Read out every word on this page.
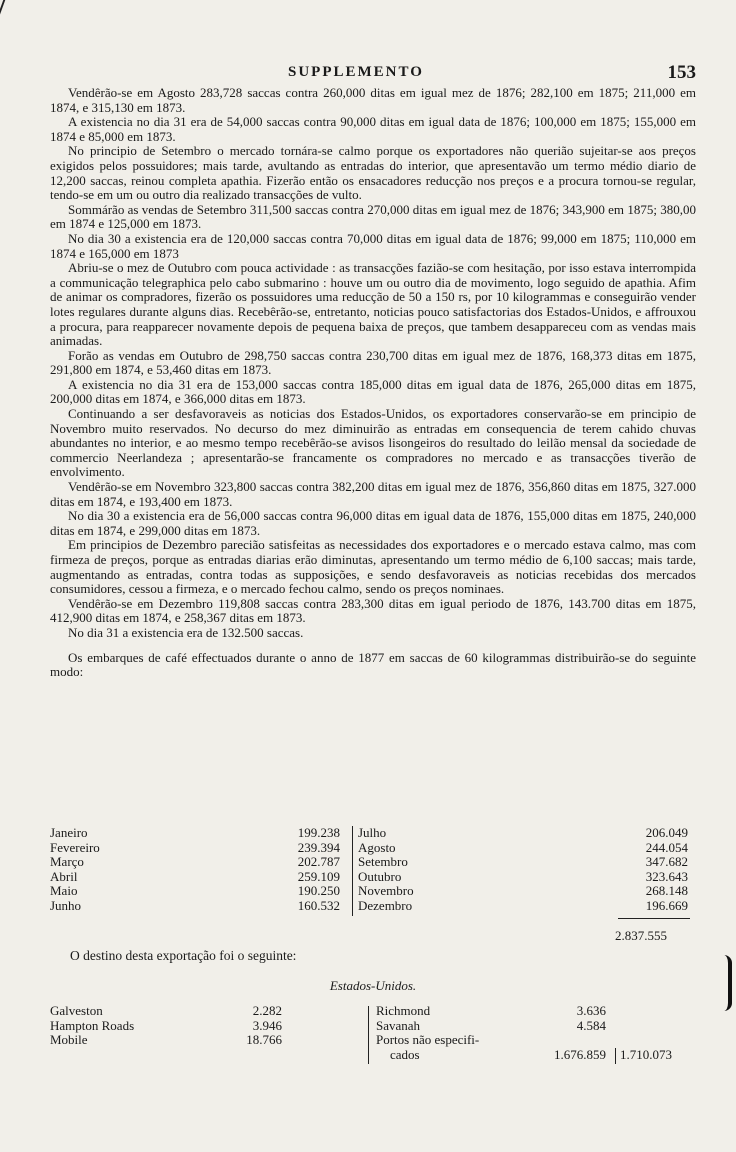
SUPPLEMENTO	153

Vendêrão-se em Agosto 283,728 saccas contra 260,000 ditas em igual mez de 1876; 282,100 em 1875; 211,000 em 1874, e 315,130 em 1873.

A existencia no dia 31 era de 54,000 saccas contra 90,000 ditas em igual data de 1876; 100,000 em 1875; 155,000 em 1874 e 85,000 em 1873.

No principio de Setembro o mercado tornára-se calmo porque os exportadores não querião sujeitar-se aos preços exigidos pelos possuidores; mais tarde, avultando as entradas do interior, que apresentavão um termo médio diario de 12,200 saccas, reinou completa apathia. Fizerão então os ensacadores reducção nos preços e a procura tornou-se regular, tendo-se em um ou outro dia realizado transacções de vulto.

Sommárão as vendas de Setembro 311,500 saccas contra 270,000 ditas em igual mez de 1876; 343,900 em 1875; 380,00 em 1874 e 125,000 em 1873.

No dia 30 a existencia era de 120,000 saccas contra 70,000 ditas em igual data de 1876; 99,000 em 1875; 110,000 em 1874 e 165,000 em 1873

Abriu-se o mez de Outubro com pouca actividade : as transacções fazião-se com hesitação, por isso estava interrompida a communicação telegraphica pelo cabo submarino : houve um ou outro dia de movimento, logo seguido de apathia. Afim de animar os compradores, fizerão os possuidores uma reducção de 50 a 150 rs, por 10 kilogrammas e conseguirão vender lotes regulares durante alguns dias. Recebêrão-se, entretanto, noticias pouco satisfactorias dos Estados-Unidos, e affrouxou a procura, para reapparecer novamente depois de pequena baixa de preços, que tambem desappareceu com as vendas mais animadas.

Forão as vendas em Outubro de 298,750 saccas contra 230,700 ditas em igual mez de 1876, 168,373 ditas em 1875, 291,800 em 1874, e 53,460 ditas em 1873.

A existencia no dia 31 era de 153,000 saccas contra 185,000 ditas em igual data de 1876, 265,000 ditas em 1875, 200,000 ditas em 1874, e 366,000 ditas em 1873.

Continuando a ser desfavoraveis as noticias dos Estados-Unidos, os exportadores conservarão-se em principio de Novembro muito reservados. No decurso do mez diminuirão as entradas em consequencia de terem cahido chuvas abundantes no interior, e ao mesmo tempo recebêrão-se avisos lisongeiros do resultado do leilão mensal da sociedade de commercio Neerlandeza ; apresentarão-se francamente os compradores no mercado e as transacções tiverão de envolvimento.

Vendêrão-se em Novembro 323,800 saccas contra 382,200 ditas em igual mez de 1876, 356,860 ditas em 1875, 327.000 ditas em 1874, e 193,400 em 1873.

No dia 30 a existencia era de 56,000 saccas contra 96,000 ditas em igual data de 1876, 155,000 ditas em 1875, 240,000 ditas em 1874, e 299,000 ditas em 1873.

Em principios de Dezembro parecião satisfeitas as necessidades dos exportadores e o mercado estava calmo, mas com firmeza de preços, porque as entradas diarias erão diminutas, apresentando um termo médio de 6,100 saccas; mais tarde, augmentando as entradas, contra todas as supposições, e sendo desfavoraveis as noticias recebidas dos mercados consumidores, cessou a firmeza, e o mercado fechou calmo, sendo os preços nominaes.

Vendêrão-se em Dezembro 119,808 saccas contra 283,300 ditas em igual periodo de 1876, 143.700 ditas em 1875, 412,900 ditas em 1874, e 258,367 ditas em 1873.

No dia 31 a existencia era de 132.500 saccas.

Os embarques de café effectuados durante o anno de 1877 em saccas de 60 kilogrammas distribuirão-se do seguinte modo:

Janeiro	199.238
Fevereiro	239.394
Março	202.787
Abril	259.109
Maio	190.250
Junho	160.532
Julho	206.049
Agosto	244.054
Setembro	347.682
Outubro	323.643
Novembro	268.148
Dezembro	196.669
2.837.555
O destino desta exportação foi o seguinte:
Estados-Unidos.
Galveston	2.282
Hampton Roads	3.946
Mobile	18.766
Richmond	3.636
Savanah	4.584
Portos não especifi-
cados	1.676.859 1.710.073
